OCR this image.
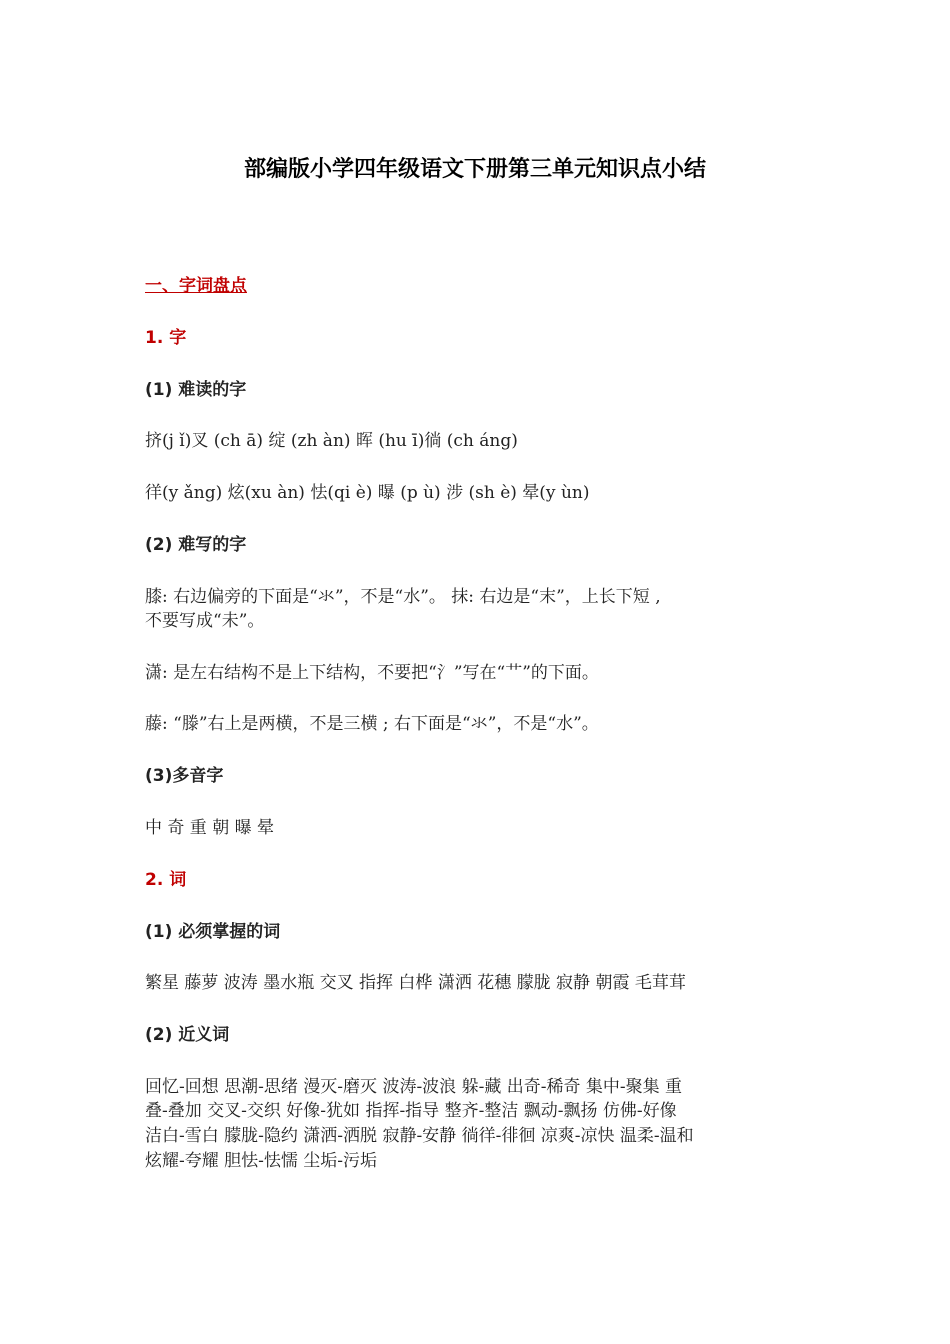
部编版小学四年级语文下册第三单元知识点小结
一、字词盘点
1. 字
(1) 难读的字
挤(j ǐ)叉 (ch ā) 绽 (zh àn) 晖 (hu ī)徜 (ch áng)
徉(y ǎng) 炫(xu àn) 怯(qi è) 曝 (p ù) 涉 (sh è) 晕(y ùn)
(2) 难写的字
膝: 右边偏旁的下面是“氺”，不是“水”。 抹: 右边是“末”，上长下短 ,
不要写成“未”。
潇: 是左右结构不是上下结构，不要把“氵”写在“艹”的下面。
藤: “滕”右上是两横，不是三横 ; 右下面是“氺”，不是“水”。
(3)多音字
中 奇 重 朝 曝 晕
2. 词
(1) 必须掌握的词
繁星 藤萝 波涛 墨水瓶 交叉 指挥 白桦 潇洒 花穗 朦胧 寂静 朝霞 毛茸茸
(2) 近义词
回忆-回想 思潮-思绪 漫灭-磨灭 波涛-波浪 躲-藏 出奇-稀奇 集中-聚集 重
叠-叠加 交叉-交织 好像-犹如 指挥-指导 整齐-整洁 飘动-飘扬 仿佛-好像
洁白-雪白 朦胧-隐约 潇洒-洒脱 寂静-安静 徜徉-徘徊 凉爽-凉快 温柔-温和
炫耀-夸耀 胆怯-怯懦 尘垢-污垢
